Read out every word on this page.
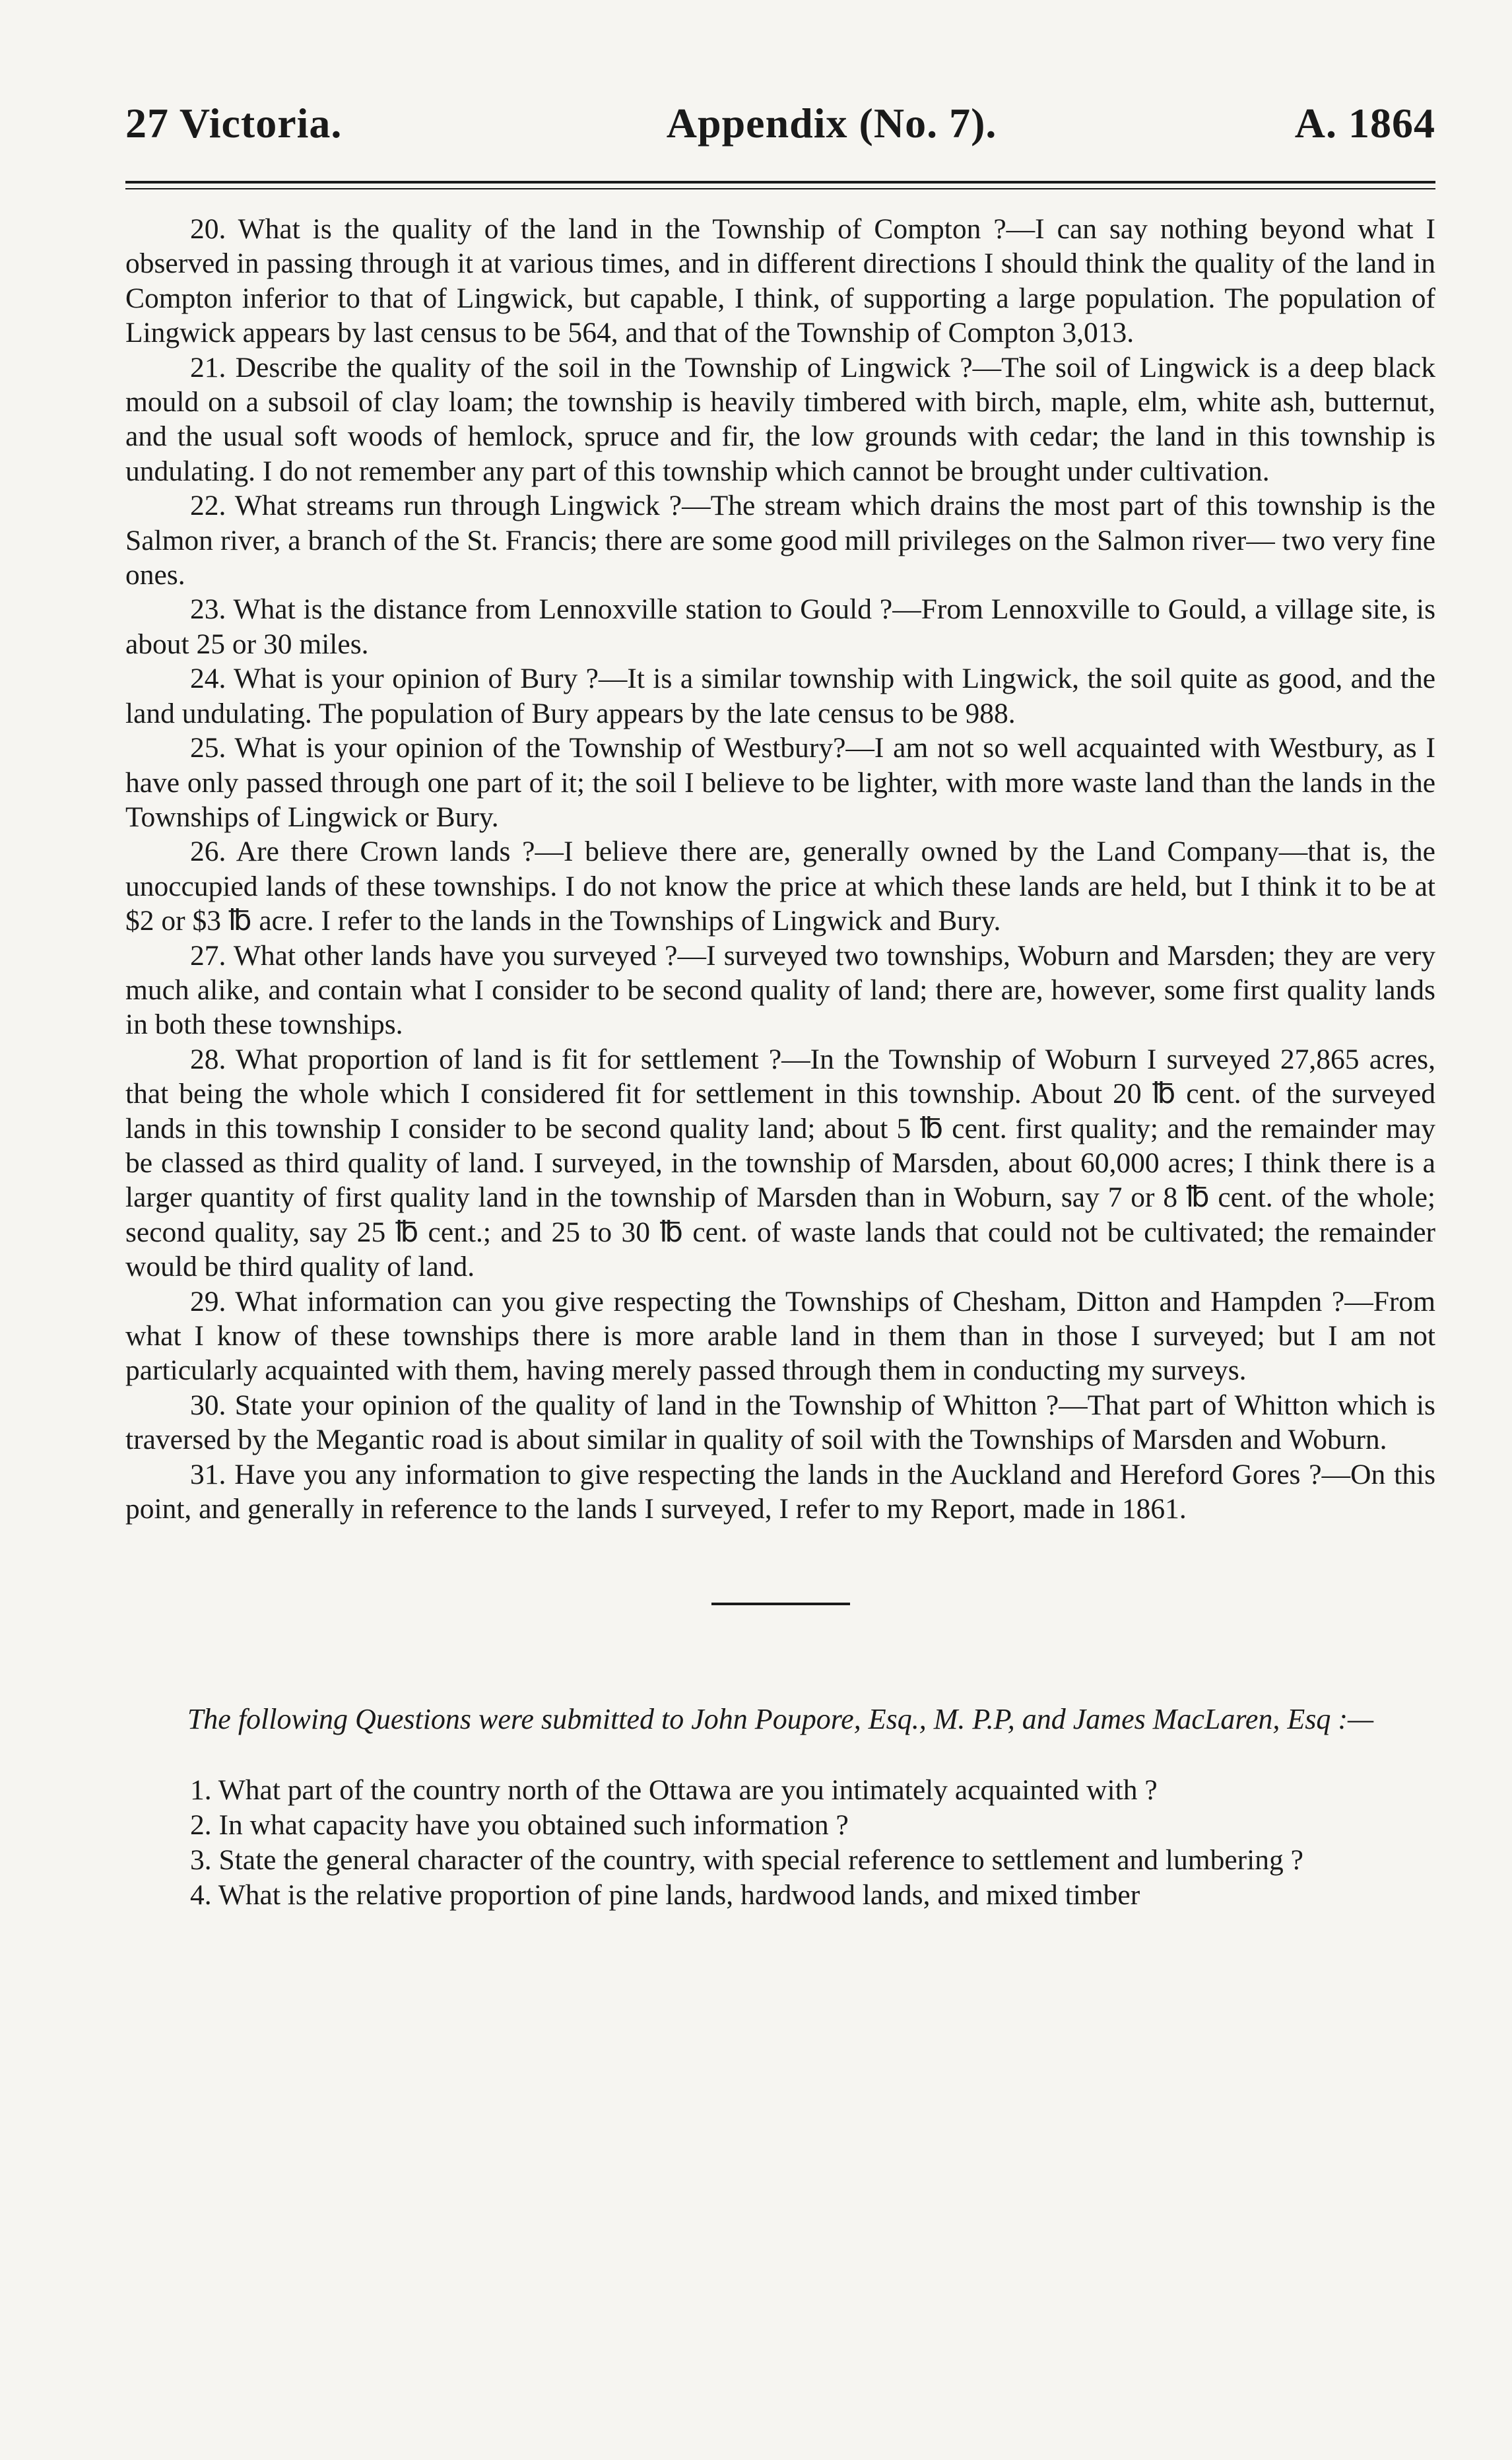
27 Victoria.	Appendix (No. 7).	A. 1864

20. What is the quality of the land in the Township of Compton ?—I can say nothing beyond what I observed in passing through it at various times, and in different directions I should think the quality of the land in Compton inferior to that of Lingwick, but capable, I think, of supporting a large population. The population of Lingwick appears by last census to be 564, and that of the Township of Compton 3,013.

21. Describe the quality of the soil in the Township of Lingwick ?—The soil of Lingwick is a deep black mould on a subsoil of clay loam; the township is heavily timbered with birch, maple, elm, white ash, butternut, and the usual soft woods of hemlock, spruce and fir, the low grounds with cedar; the land in this township is undulating. I do not remember any part of this township which cannot be brought under cultivation.

22. What streams run through Lingwick ?—The stream which drains the most part of this township is the Salmon river, a branch of the St. Francis; there are some good mill privileges on the Salmon river— two very fine ones.

23. What is the distance from Lennoxville station to Gould ?—From Lennoxville to Gould, a village site, is about 25 or 30 miles.

24. What is your opinion of Bury ?—It is a similar township with Lingwick, the soil quite as good, and the land undulating. The population of Bury appears by the late census to be 988.

25. What is your opinion of the Township of Westbury?—I am not so well acquainted with Westbury, as I have only passed through one part of it; the soil I believe to be lighter, with more waste land than the lands in the Townships of Lingwick or Bury.

26. Are there Crown lands ?—I believe there are, generally owned by the Land Company—that is, the unoccupied lands of these townships. I do not know the price at which these lands are held, but I think it to be at $2 or $3 ℔ acre. I refer to the lands in the Townships of Lingwick and Bury.

27. What other lands have you surveyed ?—I surveyed two townships, Woburn and Marsden; they are very much alike, and contain what I consider to be second quality of land; there are, however, some first quality lands in both these townships.

28. What proportion of land is fit for settlement ?—In the Township of Woburn I surveyed 27,865 acres, that being the whole which I considered fit for settlement in this township. About 20 ℔ cent. of the surveyed lands in this township I consider to be second quality land; about 5 ℔ cent. first quality; and the remainder may be classed as third quality of land. I surveyed, in the township of Marsden, about 60,000 acres; I think there is a larger quantity of first quality land in the township of Marsden than in Woburn, say 7 or 8 ℔ cent. of the whole; second quality, say 25 ℔ cent.; and 25 to 30 ℔ cent. of waste lands that could not be cultivated; the remainder would be third quality of land.

29. What information can you give respecting the Townships of Chesham, Ditton and Hampden ?—From what I know of these townships there is more arable land in them than in those I surveyed; but I am not particularly acquainted with them, having merely passed through them in conducting my surveys.

30. State your opinion of the quality of land in the Township of Whitton ?—That part of Whitton which is traversed by the Megantic road is about similar in quality of soil with the Townships of Marsden and Woburn.

31. Have you any information to give respecting the lands in the Auckland and Hereford Gores ?—On this point, and generally in reference to the lands I surveyed, I refer to my Report, made in 1861.

The following Questions were submitted to John Poupore, Esq., M. P.P, and James MacLaren, Esq :—

1. What part of the country north of the Ottawa are you intimately acquainted with ?

2. In what capacity have you obtained such information ?

3. State the general character of the country, with special reference to settlement and lumbering ?

4. What is the relative proportion of pine lands, hardwood lands, and mixed timber
